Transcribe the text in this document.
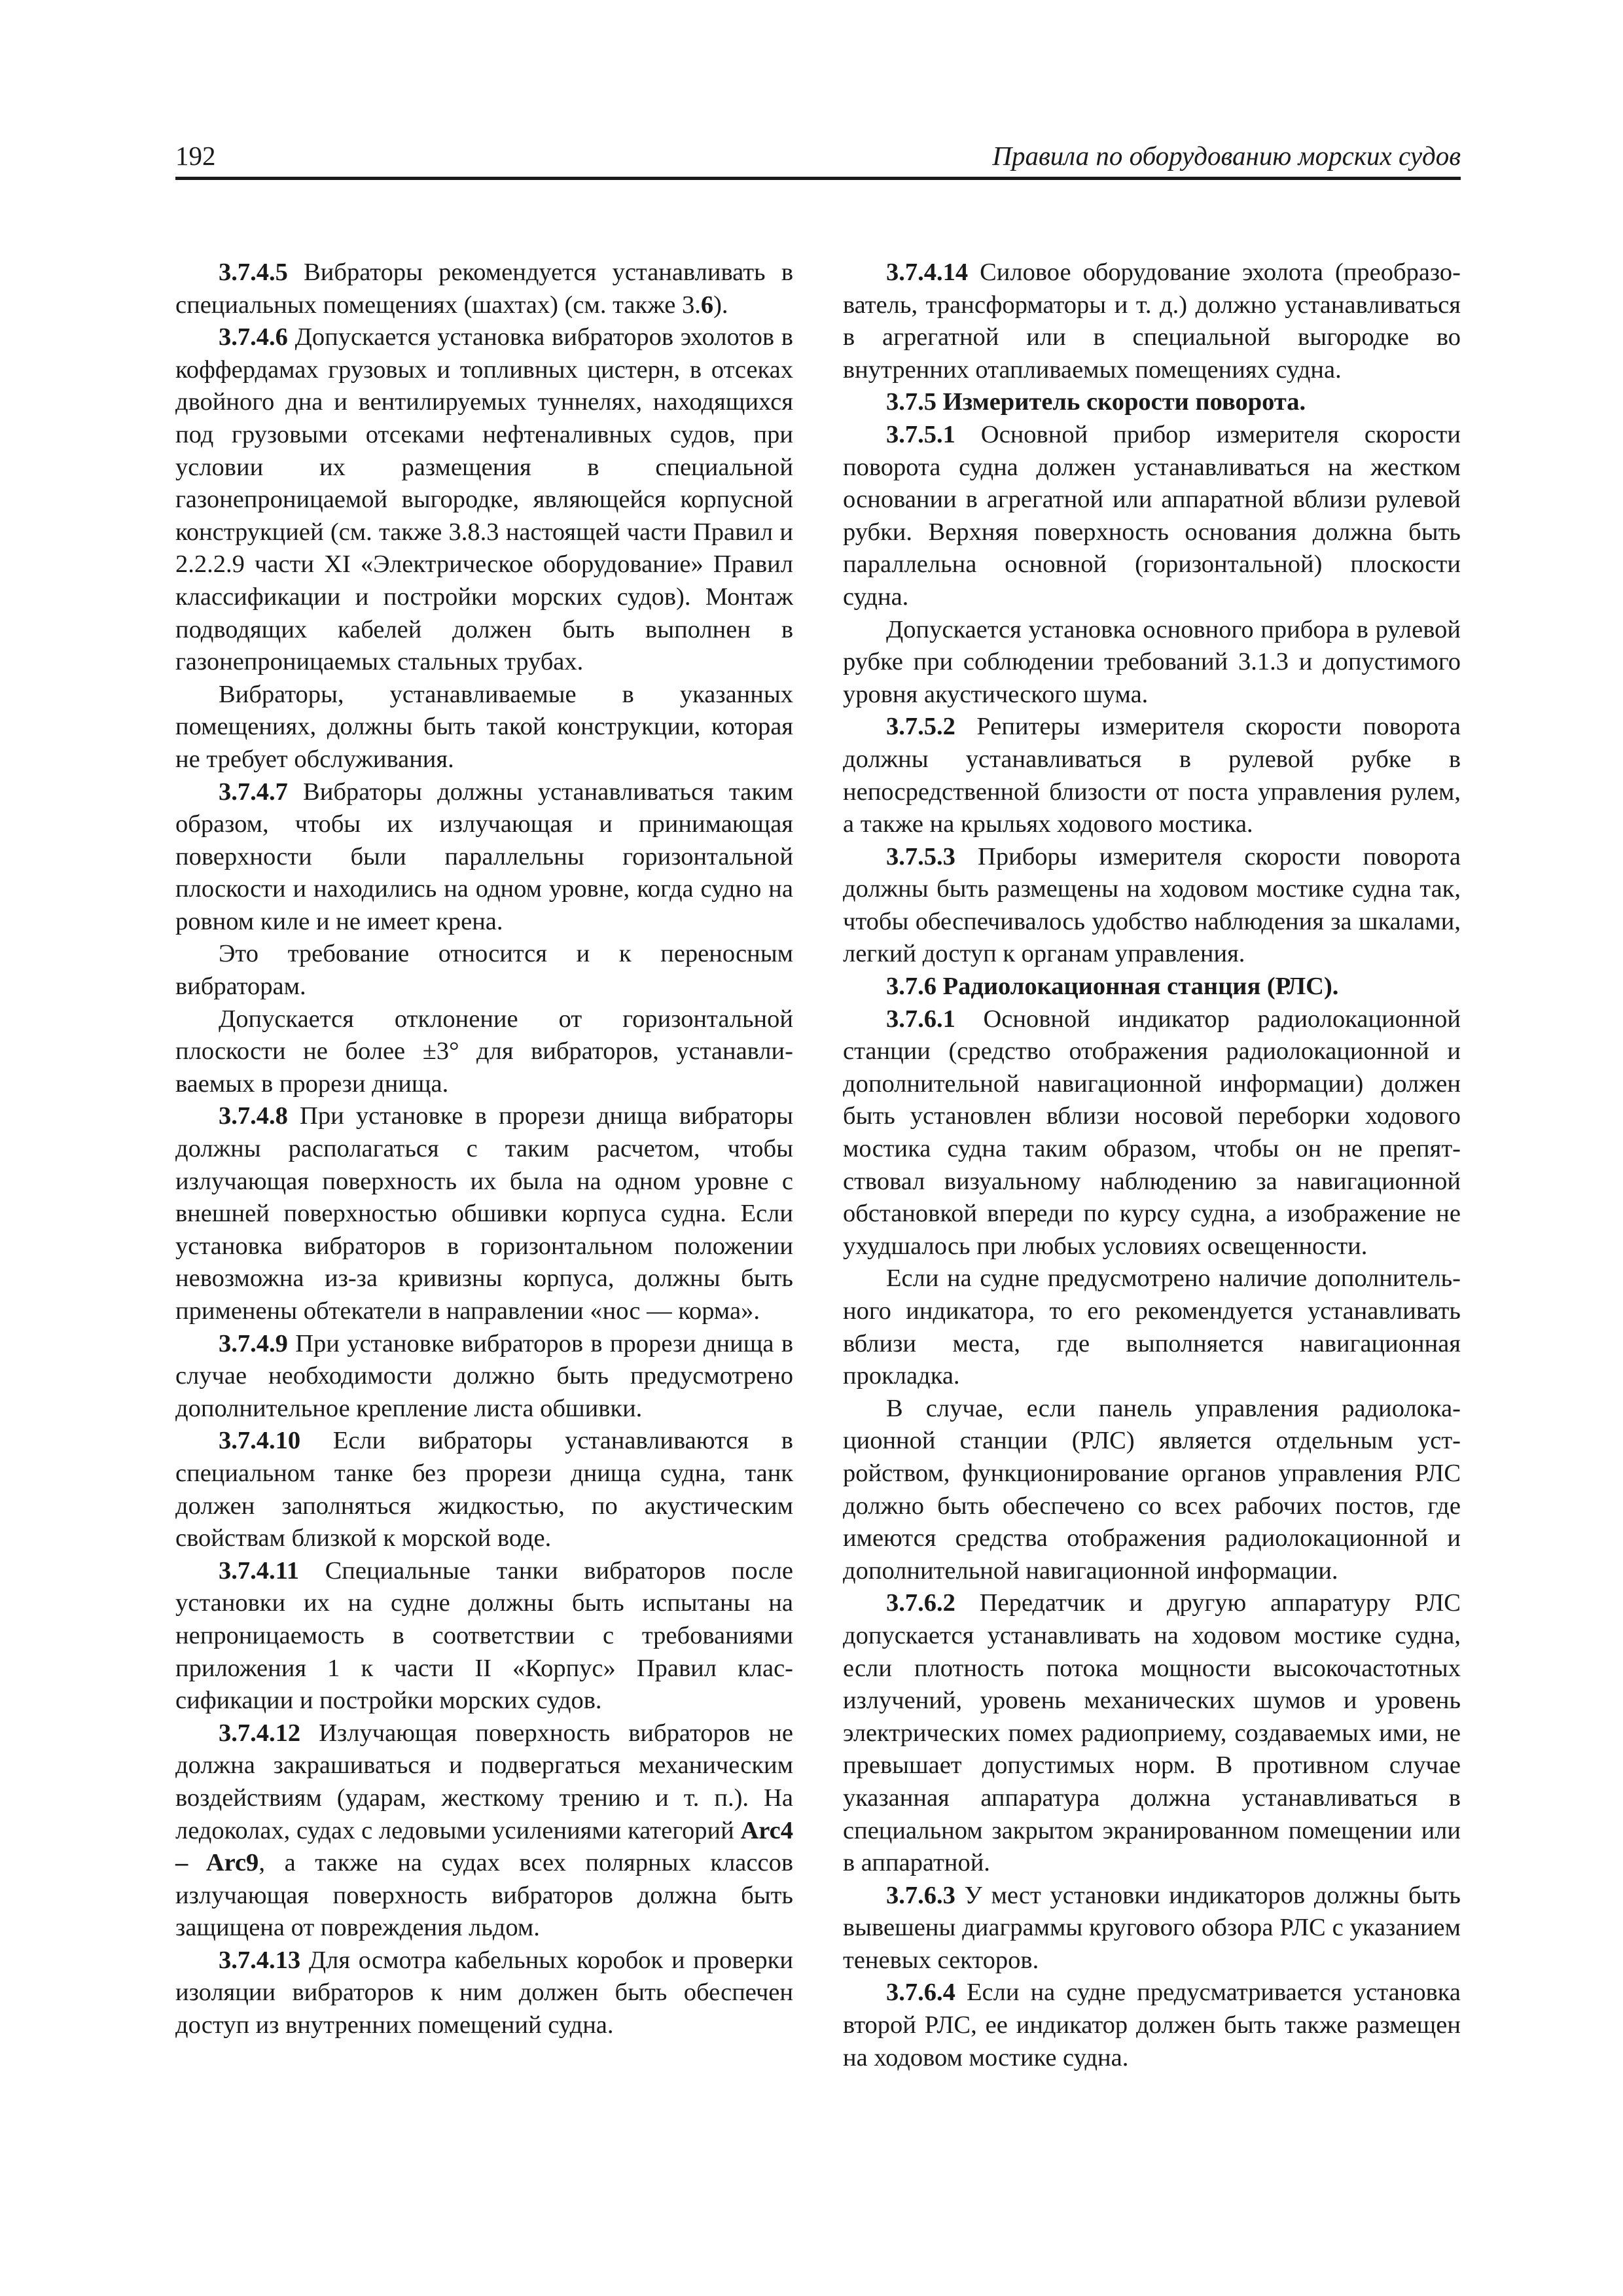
192	Правила по оборудованию морских судов

3.7.4.5 Вибраторы рекомендуется устанавливать в специальных помещениях (шахтах) (см. также 3.6).

3.7.4.6 Допускается установка вибраторов эхолотов в коффердамах грузовых и топливных цистерн, в отсеках двойного дна и вентилируемых туннелях, находящихся под грузовыми отсеками нефтеналивных судов, при условии их размещения в специальной газонепроницаемой выгородке, являющейся корпусной конструкцией (см. также 3.8.3 настоящей части Правил и 2.2.2.9 части XI «Электрическое оборудование» Правил классификации и постройки морских судов). Монтаж подводящих кабелей должен быть выполнен в газонепроницаемых стальных трубах.

Вибраторы, устанавливаемые в указанных помещениях, должны быть такой конструкции, которая не требует обслуживания.

3.7.4.7 Вибраторы должны устанавливаться таким образом, чтобы их излучающая и принимающая поверхности были параллельны горизонтальной плоскости и находились на одном уровне, когда судно на ровном киле и не имеет крена.

Это требование относится и к переносным вибраторам.

Допускается отклонение от горизонтальной плоскости не более ±3° для вибраторов, устанавливаемых в прорези днища.

3.7.4.8 При установке в прорези днища вибраторы должны располагаться с таким расчетом, чтобы излучающая поверхность их была на одном уровне с внешней поверхностью обшивки корпуса судна. Если установка вибраторов в горизонтальном положении невозможна из-за кривизны корпуса, должны быть применены обтекатели в направлении «нос — корма».

3.7.4.9 При установке вибраторов в прорези днища в случае необходимости должно быть предусмотрено дополнительное крепление листа обшивки.

3.7.4.10 Если вибраторы устанавливаются в специальном танке без прорези днища судна, танк должен заполняться жидкостью, по акустическим свойствам близкой к морской воде.

3.7.4.11 Специальные танки вибраторов после установки их на судне должны быть испытаны на непроницаемость в соответствии с требованиями приложения 1 к части II «Корпус» Правил классификации и постройки морских судов.

3.7.4.12 Излучающая поверхность вибраторов не должна закрашиваться и подвергаться механическим воздействиям (ударам, жесткому трению и т. п.). На ледоколах, судах с ледовыми усилениями категорий Arc4 – Arc9, а также на судах всех полярных классов излучающая поверхность вибраторов должна быть защищена от повреждения льдом.

3.7.4.13 Для осмотра кабельных коробок и проверки изоляции вибраторов к ним должен быть обеспечен доступ из внутренних помещений судна.

3.7.4.14 Силовое оборудование эхолота (преобразователь, трансформаторы и т. д.) должно устанавливаться в агрегатной или в специальной выгородке во внутренних отапливаемых помещениях судна.

3.7.5 Измеритель скорости поворота.

3.7.5.1 Основной прибор измерителя скорости поворота судна должен устанавливаться на жестком основании в агрегатной или аппаратной вблизи рулевой рубки. Верхняя поверхность основания должна быть параллельна основной (горизонтальной) плоскости судна.

Допускается установка основного прибора в рулевой рубке при соблюдении требований 3.1.3 и допустимого уровня акустического шума.

3.7.5.2 Репитеры измерителя скорости поворота должны устанавливаться в рулевой рубке в непосредственной близости от поста управления рулем, а также на крыльях ходового мостика.

3.7.5.3 Приборы измерителя скорости поворота должны быть размещены на ходовом мостике судна так, чтобы обеспечивалось удобство наблюдения за шкалами, легкий доступ к органам управления.

3.7.6 Радиолокационная станция (РЛС).

3.7.6.1 Основной индикатор радиолокационной станции (средство отображения радиолокационной и дополнительной навигационной информации) должен быть установлен вблизи носовой переборки ходового мостика судна таким образом, чтобы он не препятствовал визуальному наблюдению за навигационной обстановкой впереди по курсу судна, а изображение не ухудшалось при любых условиях освещенности.

Если на судне предусмотрено наличие дополнительного индикатора, то его рекомендуется устанавливать вблизи места, где выполняется навигационная прокладка.

В случае, если панель управления радиолокационной станции (РЛС) является отдельным устройством, функционирование органов управления РЛС должно быть обеспечено со всех рабочих постов, где имеются средства отображения радиолокационной и дополнительной навигационной информации.

3.7.6.2 Передатчик и другую аппаратуру РЛС допускается устанавливать на ходовом мостике судна, если плотность потока мощности высокочастотных излучений, уровень механических шумов и уровень электрических помех радиоприему, создаваемых ими, не превышает допустимых норм. В противном случае указанная аппаратура должна устанавливаться в специальном закрытом экранированном помещении или в аппаратной.

3.7.6.3 У мест установки индикаторов должны быть вывешены диаграммы кругового обзора РЛС с указанием теневых секторов.

3.7.6.4 Если на судне предусматривается установка второй РЛС, ее индикатор должен быть также размещен на ходовом мостике судна.
